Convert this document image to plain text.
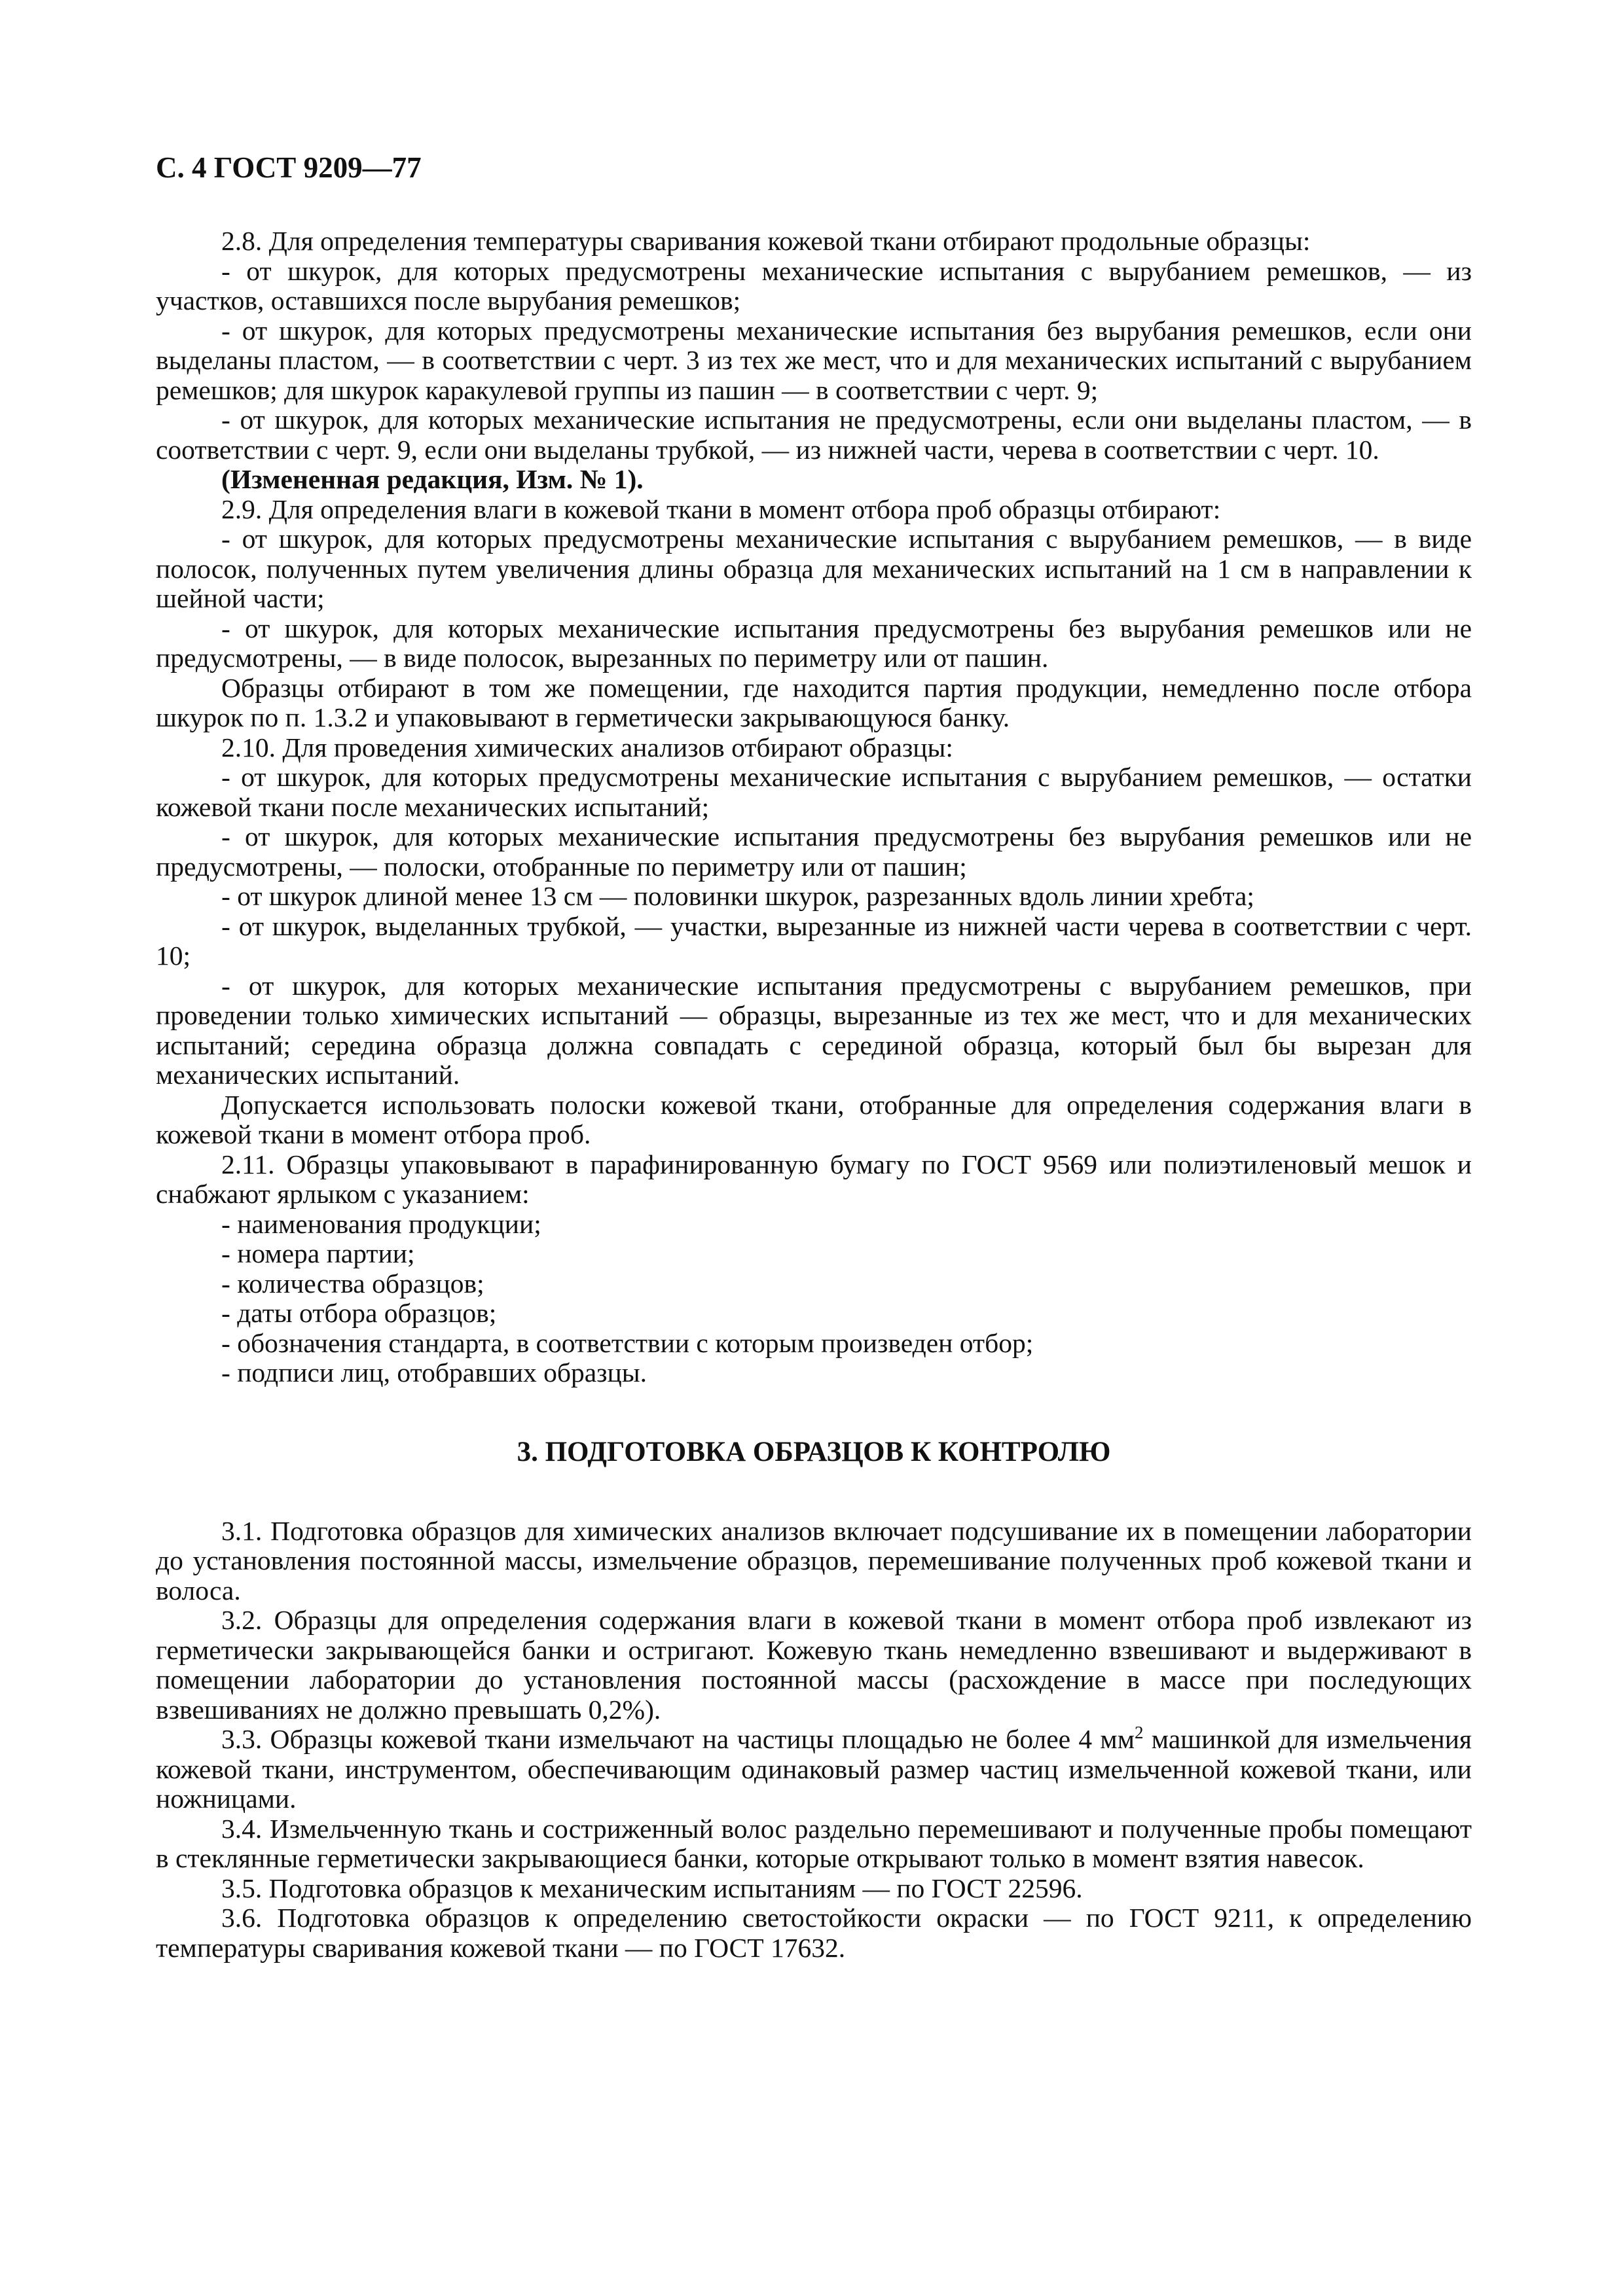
С. 4 ГОСТ 9209—77

2.8. Для определения температуры сваривания кожевой ткани отбирают продольные образцы:

- от шкурок, для которых предусмотрены механические испытания с вырубанием ремешков, — из участков, оставшихся после вырубания ремешков;

- от шкурок, для которых предусмотрены механические испытания без вырубания ремешков, если они выделаны пластом, — в соответствии с черт. 3 из тех же мест, что и для механических испытаний с вырубанием ремешков; для шкурок каракулевой группы из пашин — в соответствии с черт. 9;

- от шкурок, для которых механические испытания не предусмотрены, если они выделаны пластом, — в соответствии с черт. 9, если они выделаны трубкой, — из нижней части, черева в соответствии с черт. 10.

(Измененная редакция, Изм. № 1).

2.9. Для определения влаги в кожевой ткани в момент отбора проб образцы отбирают:

- от шкурок, для которых предусмотрены механические испытания с вырубанием ремешков, — в виде полосок, полученных путем увеличения длины образца для механических испытаний на 1 см в направлении к шейной части;

- от шкурок, для которых механические испытания предусмотрены без вырубания ремешков или не предусмотрены, — в виде полосок, вырезанных по периметру или от пашин.

Образцы отбирают в том же помещении, где находится партия продукции, немедленно после отбора шкурок по п. 1.3.2 и упаковывают в герметически закрывающуюся банку.

2.10. Для проведения химических анализов отбирают образцы:

- от шкурок, для которых предусмотрены механические испытания с вырубанием ремешков, — остатки кожевой ткани после механических испытаний;

- от шкурок, для которых механические испытания предусмотрены без вырубания ремешков или не предусмотрены, — полоски, отобранные по периметру или от пашин;

- от шкурок длиной менее 13 см — половинки шкурок, разрезанных вдоль линии хребта;

- от шкурок, выделанных трубкой, — участки, вырезанные из нижней части черева в соответствии с черт. 10;

- от шкурок, для которых механические испытания предусмотрены с вырубанием ремешков, при проведении только химических испытаний — образцы, вырезанные из тех же мест, что и для механических испытаний; середина образца должна совпадать с серединой образца, который был бы вырезан для механических испытаний.

Допускается использовать полоски кожевой ткани, отобранные для определения содержания влаги в кожевой ткани в момент отбора проб.

2.11. Образцы упаковывают в парафинированную бумагу по ГОСТ 9569 или полиэтиленовый мешок и снабжают ярлыком с указанием:

- наименования продукции;

- номера партии;

- количества образцов;

- даты отбора образцов;

- обозначения стандарта, в соответствии с которым произведен отбор;

- подписи лиц, отобравших образцы.

3. ПОДГОТОВКА ОБРАЗЦОВ К КОНТРОЛЮ

3.1. Подготовка образцов для химических анализов включает подсушивание их в помещении лаборатории до установления постоянной массы, измельчение образцов, перемешивание полученных проб кожевой ткани и волоса.

3.2. Образцы для определения содержания влаги в кожевой ткани в момент отбора проб извлекают из герметически закрывающейся банки и остригают. Кожевую ткань немедленно взвешивают и выдерживают в помещении лаборатории до установления постоянной массы (расхождение в массе при последующих взвешиваниях не должно превышать 0,2%).

3.3. Образцы кожевой ткани измельчают на частицы площадью не более 4 $мм^2$ машинкой для измельчения кожевой ткани, инструментом, обеспечивающим одинаковый размер частиц измельченной кожевой ткани, или ножницами.

3.4. Измельченную ткань и состриженный волос раздельно перемешивают и полученные пробы помещают в стеклянные герметически закрывающиеся банки, которые открывают только в момент взятия навесок.

3.5. Подготовка образцов к механическим испытаниям — по ГОСТ 22596.

3.6. Подготовка образцов к определению светостойкости окраски — по ГОСТ 9211, к определению температуры сваривания кожевой ткани — по ГОСТ 17632.
